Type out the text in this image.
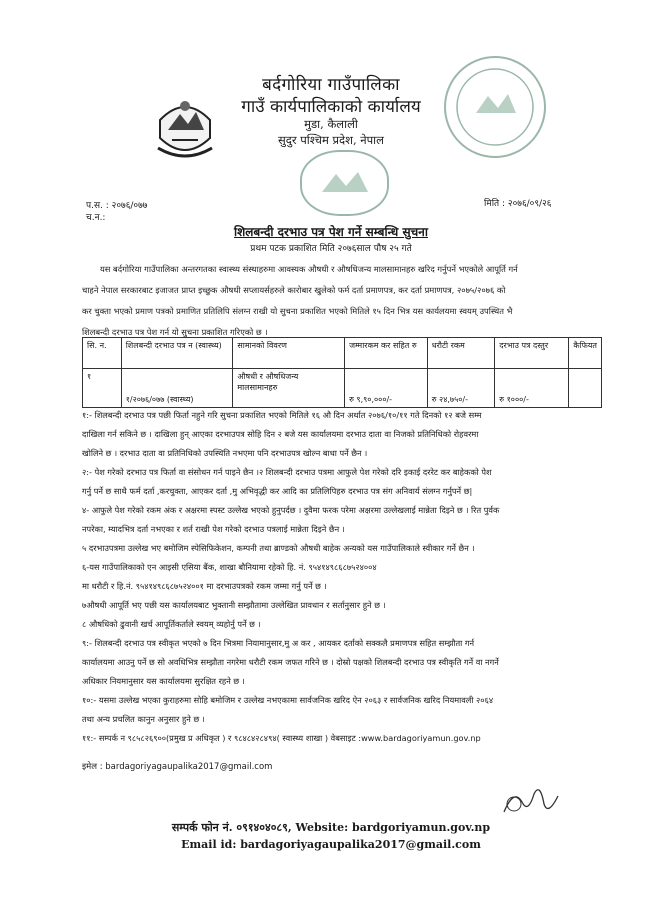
बर्दगोरिया गाउँपालिका
गाउँ कार्यपालिकाको कार्यालय
मुडा, कैलाली
सुदुर पश्चिम प्रदेश, नेपाल
प.स. : २०७६/०७७
च.न.:
मिति : २०७६/०९/२६
शिलबन्दी दरभाउ पत्र पेश गर्ने सम्बन्धि सुचना
प्रथम पटक प्रकाशित मिति २०७६साल पौष २५ गते
यस बर्दगोरिया गाउँपालिका अन्तरगतका स्वास्थ्य संस्थाहरुमा आवस्यक औषधी र औषधिजन्य मालसामानहरु खरिद गर्नुपर्ने भएकोले आपूर्ति गर्न
चाहने नेपाल सरकारबाट इजाजत प्राप्त इच्छुक औषधी सप्लायर्सहरुले कारोबार खुलेको फर्म दर्ता प्रमाणपत्र, कर दर्ता प्रमाणपत्र, २०७५/२०७६ को
कर चुक्ता भएको प्रमाण पत्रको प्रमाणित प्रतिलिपि संलग्न राखी यो सुचना प्रकाशित भएको मितिले १५ दिन भित्र यस कार्यलयमा स्वयम् उपस्थित भै
शिलबन्दी दरभाउ पत्र पेश गर्न यो सुचना प्रकाशित गरिएको छ ।
सि. न.	शिलबन्दी दरभाउ पत्र न (स्वास्थ्य)	सामानको विवरण	जम्मारकम कर सहित रु	धरौटी रकम	दरभाउ पत्र दस्तुर	कैफियत
१	१/२०७६/०७७ (स्वास्थ्य)	औषधी र औषधिजन्य मालसामानहरु	रु ९,९०,०००/-	रु २४,७५०/-	रु १०००/-	
१:- शिलबन्दी दरभाउ पत्र पछी फिर्ता नहुने गरि सुचना प्रकाशित भएको मितिले १६ औ दिन अर्थात २०७६/१०/११ गते दिनको १२ बजे सम्म
दाखिला गर्न सकिने छ । दाखिला हुन् आएका दरभाउपत्र सोहि दिन २ बजे यस कार्यालयमा दरभाउ दाता वा निजको प्रतिनिधिको रोहवरमा
खोलिने छ । दरभाउ दाता वा प्रतिनिधिको उपस्थिति नभएमा पनि दरभाउपत्र खोल्न बाधा पर्ने छैन ।
२:- पेश गरेको दरभाउ पत्र फिर्ता वा संसोधन गर्न पाइने छैन ।२ शिलबन्दी दरभाउ पत्रमा आफुले पेश गरेको दरि इकाई दररेट कर बाहेकको पेश
गर्नु पर्ने छ साथै फर्म दर्ता ,करचुक्ता, आएकर दर्ता ,मु अभिवृद्धी कर आदि का प्रतिलिपिहरु दरभाउ पत्र संग अनिवार्य संलग्न गर्नुपर्ने छ|
४- आफुले पेश गरेको रकम अंक र अक्षरमा स्पस्ट उल्लेख भएको हुनुपर्दछ । दुवैमा फरक परेमा अक्षरमा उल्लेखलाई मान्नेता दिइने छ । रित पुर्वक
नपरेका, म्यादभित्र दर्ता नभएका र शर्त राखी पेश गरेको दरभाउ पत्रलाई मान्नेता दिइने छैन ।
५ दरभाउपत्रमा उल्लेख भए बमोजिम स्पेसिफिकेशन, कम्पनी तथा ब्राण्डको औषधी बाहेक अन्यको यस गाउँपालिकाले स्वीकार गर्ने छैन ।
६-यस गाउँपालिकाको एन आइसी एसिया बैंक, शाखा बौनियामा रहेको हि. नं. ९५४१४९८६८७५२४००४
मा धरौटी र हि.नं. ९५४१४९८६८७५२४००१ मा दरभाउपत्रको रकम जम्मा गर्नु पर्ने छ ।
७औषधी आपूर्ति भए पछी यस कार्यालयबाट भुक्तानी सम्झौतामा उल्लेखित प्रावधान र सर्तानुसार हुने छ ।
८ औषधिको ढुवानी खर्च आपूर्तिकर्ताले स्वयम् व्यहोर्नु पर्ने छ ।
९:- शिलबन्दी दरभाउ पत्र स्वीकृत भएको ७ दिन भित्रमा नियामानुसार,मु अ कर , आयकर दर्ताको सक्कलै प्रमाणपत्र सहित सम्झौता गर्न
कार्यालयमा आउनु पर्ने छ सो अवधिभित्र सम्झौता नगरेमा धरौटी रकम जफत गरिने छ । दोस्रो पक्षको शिलबन्दी दरभाउ पत्र स्वीकृति गर्ने वा नगर्ने
अधिकार नियमानुसार यस कार्यालयमा सुरक्षित रहने छ ।
१०:- यसमा उल्लेख भएका कुराहरुमा सोहि बमोजिम र उल्लेख नभएकामा सार्वजनिक खरिद ऐन २०६३ र सार्वजनिक खरिद नियमावली २०६४
तथा अन्य प्रचलित कानुन अनुसार हुने छ ।
११:- सम्पर्क न ९८५८२६९००(प्रमुख प्र अधिकृत ) र ९८४८४२८४९४( स्वास्थ्य शाखा ) वेबसाइट :www.bardagoriyamun.gov.np
इमेल : bardagoriyagaupalika2017@gmail.com
सम्पर्क फोन नं. ०९१४०४०८९, Website: bardgoriyamun.gov.np
Email id: bardagoriyagaupalika2017@gmail.com
